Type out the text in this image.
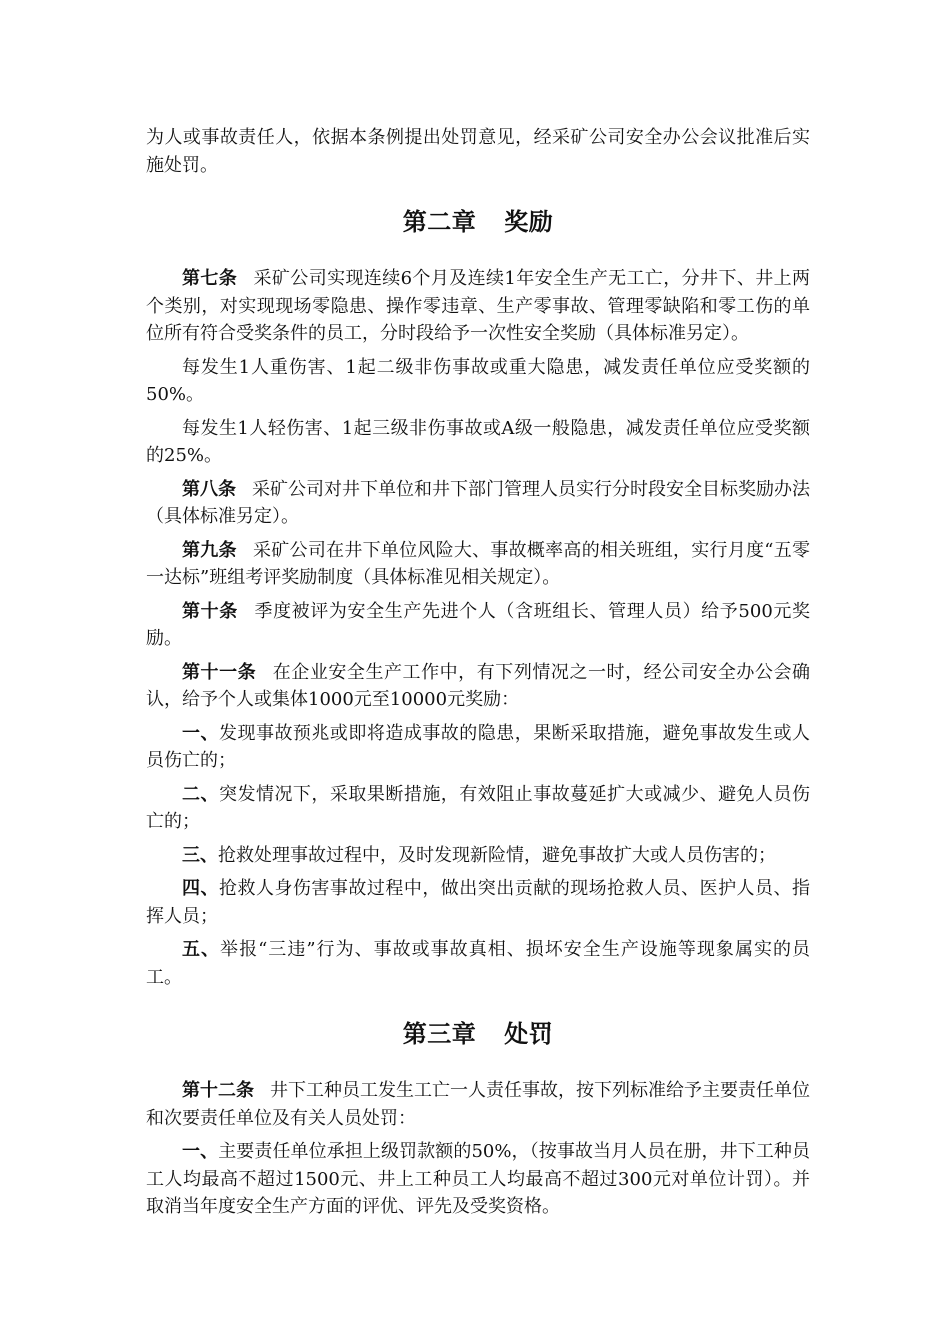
为人或事故责任人，依据本条例提出处罚意见，经采矿公司安全办公会议批准后实施处罚。

第二章 奖励

第七条 采矿公司实现连续6个月及连续1年安全生产无工亡，分井下、井上两个类别，对实现现场零隐患、操作零违章、生产零事故、管理零缺陷和零工伤的单位所有符合受奖条件的员工，分时段给予一次性安全奖励（具体标准另定）。

每发生1人重伤害、1起二级非伤事故或重大隐患，减发责任单位应受奖额的50%。

每发生1人轻伤害、1起三级非伤事故或A级一般隐患，减发责任单位应受奖额的25%。

第八条 采矿公司对井下单位和井下部门管理人员实行分时段安全目标奖励办法（具体标准另定）。

第九条 采矿公司在井下单位风险大、事故概率高的相关班组，实行月度“五零一达标”班组考评奖励制度（具体标准见相关规定）。

第十条 季度被评为安全生产先进个人（含班组长、管理人员）给予500元奖励。

第十一条 在企业安全生产工作中，有下列情况之一时，经公司安全办公会确认，给予个人或集体1000元至10000元奖励：

一、发现事故预兆或即将造成事故的隐患，果断采取措施，避免事故发生或人员伤亡的；

二、突发情况下，采取果断措施，有效阻止事故蔓延扩大或减少、避免人员伤亡的；

三、抢救处理事故过程中，及时发现新险情，避免事故扩大或人员伤害的；

四、抢救人身伤害事故过程中，做出突出贡献的现场抢救人员、医护人员、指挥人员；

五、举报“三违”行为、事故或事故真相、损坏安全生产设施等现象属实的员工。

第三章 处罚

第十二条 井下工种员工发生工亡一人责任事故，按下列标准给予主要责任单位和次要责任单位及有关人员处罚：

一、主要责任单位承担上级罚款额的50%，（按事故当月人员在册，井下工种员工人均最高不超过1500元、井上工种员工人均最高不超过300元对单位计罚）。并取消当年度安全生产方面的评优、评先及受奖资格。
